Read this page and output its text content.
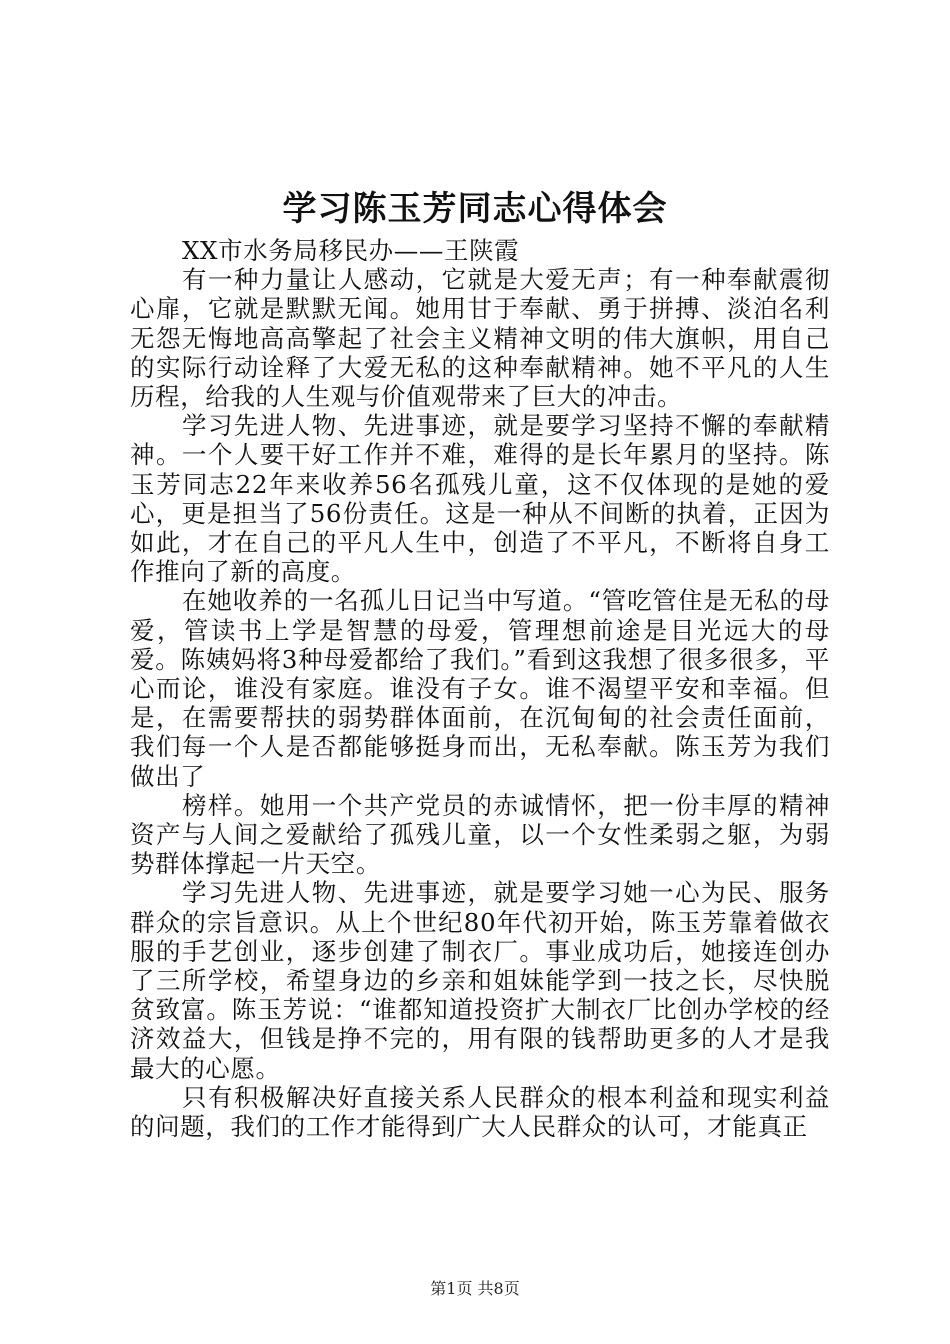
学习陈玉芳同志心得体会

XX市水务局移民办——王陕霞

有一种力量让人感动，它就是大爱无声；有一种奉献震彻心扉，它就是默默无闻。她用甘于奉献、勇于拼搏、淡泊名利无怨无悔地高高擎起了社会主义精神文明的伟大旗帜，用自己的实际行动诠释了大爱无私的这种奉献精神。她不平凡的人生历程，给我的人生观与价值观带来了巨大的冲击。

学习先进人物、先进事迹，就是要学习坚持不懈的奉献精神。一个人要干好工作并不难，难得的是长年累月的坚持。陈玉芳同志22年来收养56名孤残儿童，这不仅体现的是她的爱心，更是担当了56份责任。这是一种从不间断的执着，正因为如此，才在自己的平凡人生中，创造了不平凡，不断将自身工作推向了新的高度。

在她收养的一名孤儿日记当中写道。“管吃管住是无私的母爱，管读书上学是智慧的母爱，管理想前途是目光远大的母爱。陈姨妈将3种母爱都给了我们。”看到这我想了很多很多，平心而论，谁没有家庭。谁没有子女。谁不渴望平安和幸福。但是，在需要帮扶的弱势群体面前，在沉甸甸的社会责任面前，我们每一个人是否都能够挺身而出，无私奉献。陈玉芳为我们做出了

榜样。她用一个共产党员的赤诚情怀，把一份丰厚的精神资产与人间之爱献给了孤残儿童，以一个女性柔弱之躯，为弱势群体撑起一片天空。

学习先进人物、先进事迹，就是要学习她一心为民、服务群众的宗旨意识。从上个世纪80年代初开始，陈玉芳靠着做衣服的手艺创业，逐步创建了制衣厂。事业成功后，她接连创办了三所学校，希望身边的乡亲和姐妹能学到一技之长，尽快脱贫致富。陈玉芳说：“谁都知道投资扩大制衣厂比创办学校的经济效益大，但钱是挣不完的，用有限的钱帮助更多的人才是我最大的心愿。

只有积极解决好直接关系人民群众的根本利益和现实利益的问题，我们的工作才能得到广大人民群众的认可，才能真正

第1页 共8页
